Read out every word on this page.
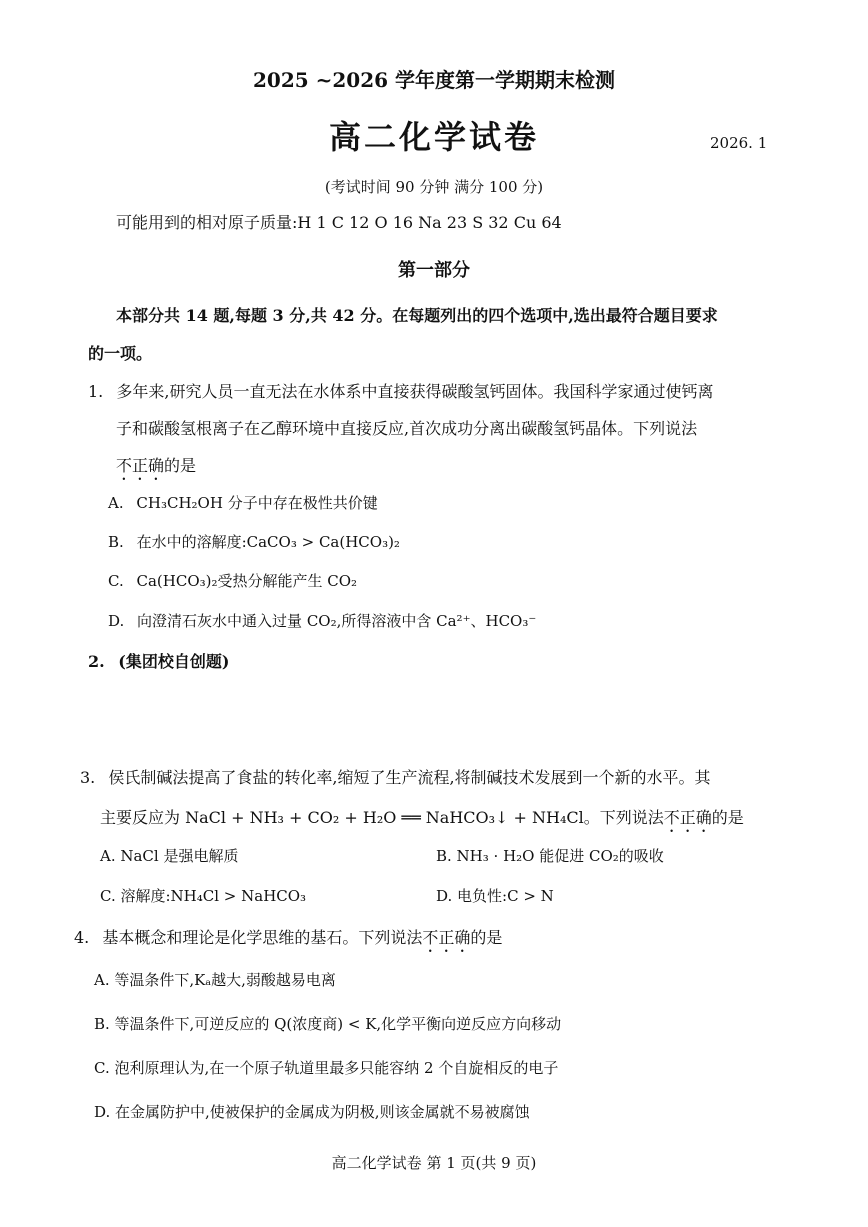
2025 ~2026 学年度第一学期期末检测
高二化学试卷	2026. 1
(考试时间 90 分钟 满分 100 分)
可能用到的相对原子质量:H 1 C 12 O 16 Na 23 S 32 Cu 64
第一部分
本部分共 14 题,每题 3 分,共 42 分。在每题列出的四个选项中,选出最符合题目要求
的一项。
1. 多年来,研究人员一直无法在水体系中直接获得碳酸氢钙固体。我国科学家通过使钙离
子和碳酸氢根离子在乙醇环境中直接反应,首次成功分离出碳酸氢钙晶体。下列说法
不正确的是
A. CH₃CH₂OH 分子中存在极性共价键
B. 在水中的溶解度:CaCO₃ > Ca(HCO₃)₂
C. Ca(HCO₃)₂受热分解能产生 CO₂
D. 向澄清石灰水中通入过量 CO₂,所得溶液中含 Ca²⁺、HCO₃⁻
2. (集团校自创题)
3. 侯氏制碱法提高了食盐的转化率,缩短了生产流程,将制碱技术发展到一个新的水平。其
主要反应为 NaCl + NH₃ + CO₂ + H₂O ══ NaHCO₃↓ + NH₄Cl。下列说法不正确的是
A. NaCl 是强电解质	B. NH₃ · H₂O 能促进 CO₂的吸收
C. 溶解度:NH₄Cl > NaHCO₃	D. 电负性:C > N
4. 基本概念和理论是化学思维的基石。下列说法不正确的是
A. 等温条件下,Kₐ越大,弱酸越易电离
B. 等温条件下,可逆反应的 Q(浓度商) < K,化学平衡向逆反应方向移动
C. 泡利原理认为,在一个原子轨道里最多只能容纳 2 个自旋相反的电子
D. 在金属防护中,使被保护的金属成为阴极,则该金属就不易被腐蚀
高二化学试卷 第 1 页(共 9 页)
